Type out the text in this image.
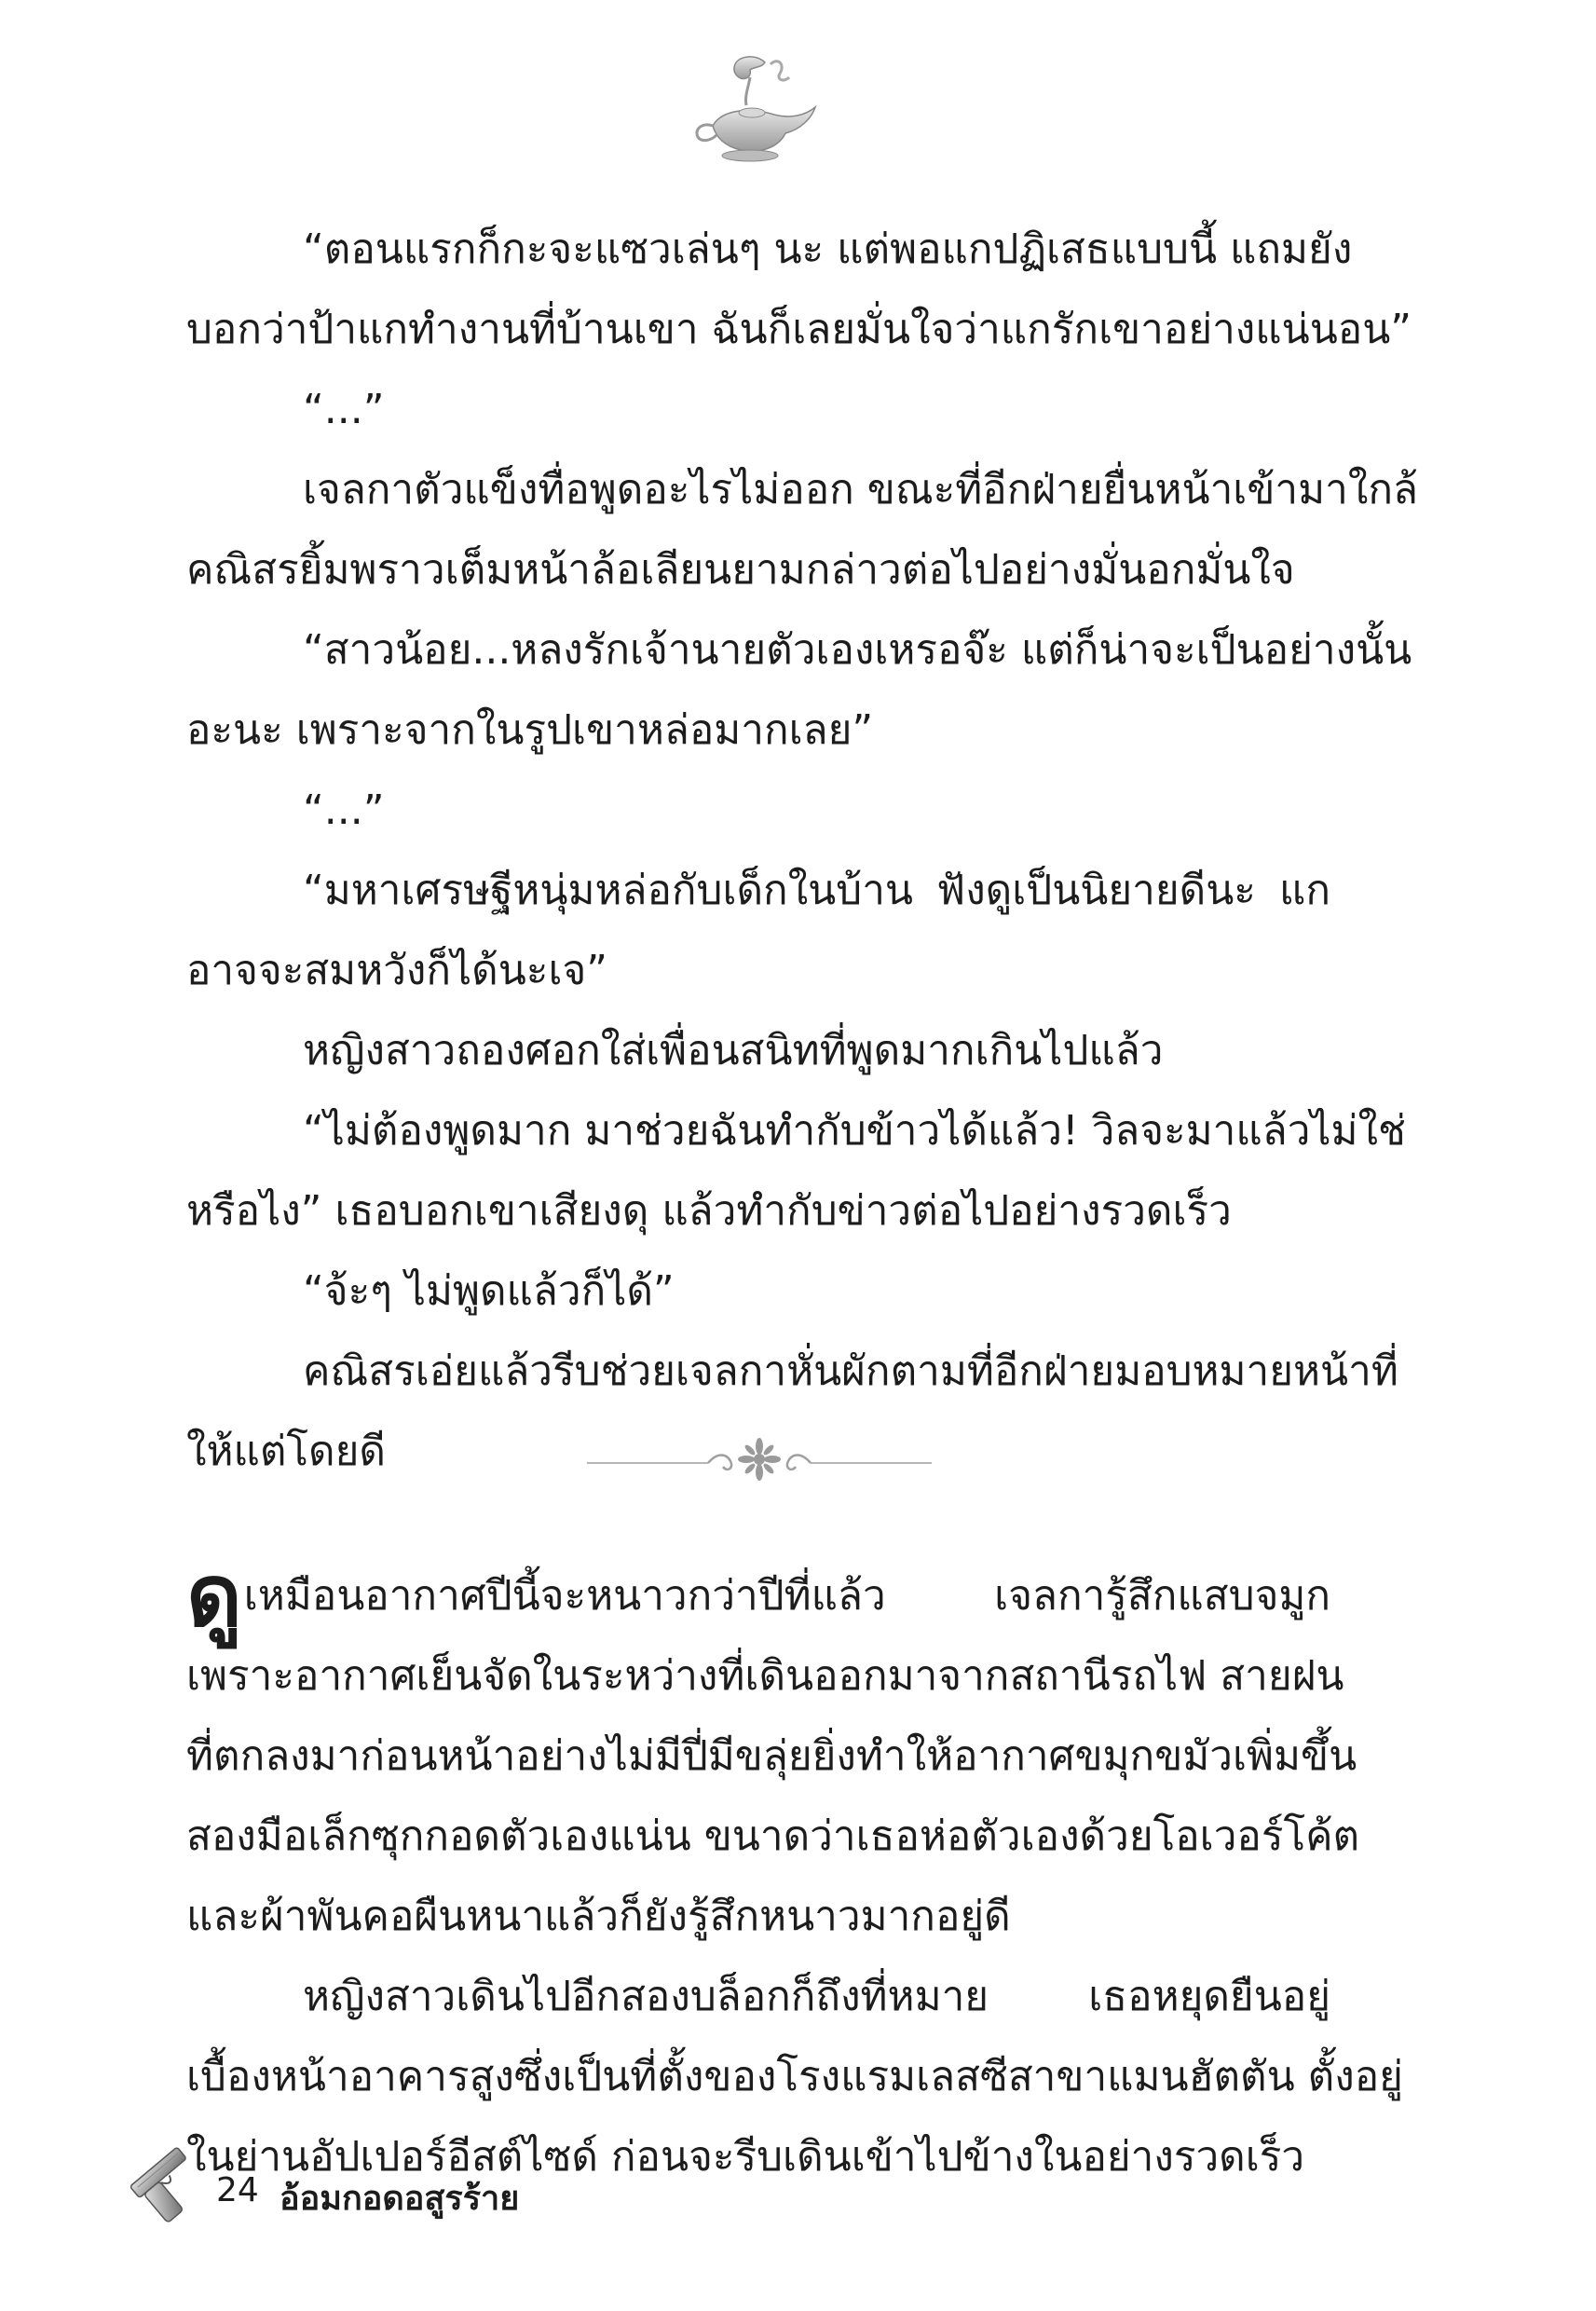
“ตอนแรกก็กะจะแซวเล่นๆ นะ แต่พอแกปฏิเสธแบบนี้ แถมยัง
บอกว่าป้าแกทำงานที่บ้านเขา ฉันก็เลยมั่นใจว่าแกรักเขาอย่างแน่นอน”
“...”
เจลกาตัวแข็งทื่อพูดอะไรไม่ออก ขณะที่อีกฝ่ายยื่นหน้าเข้ามาใกล้
คณิสรยิ้มพราวเต็มหน้าล้อเลียนยามกล่าวต่อไปอย่างมั่นอกมั่นใจ
“สาวน้อย...หลงรักเจ้านายตัวเองเหรอจ๊ะ แต่ก็น่าจะเป็นอย่างนั้น
อะนะ เพราะจากในรูปเขาหล่อมากเลย”
“...”
“มหาเศรษฐีหนุ่มหล่อกับเด็กในบ้าน ฟังดูเป็นนิยายดีนะ แก
อาจจะสมหวังก็ได้นะเจ”
หญิงสาวถองศอกใส่เพื่อนสนิทที่พูดมากเกินไปแล้ว
“ไม่ต้องพูดมาก มาช่วยฉันทำกับข้าวได้แล้ว! วิลจะมาแล้วไม่ใช่
หรือไง” เธอบอกเขาเสียงดุ แล้วทำกับข่าวต่อไปอย่างรวดเร็ว
“จ้ะๆ ไม่พูดแล้วก็ได้”
คณิสรเอ่ยแล้วรีบช่วยเจลกาหั่นผักตามที่อีกฝ่ายมอบหมายหน้าที่
ให้แต่โดยดี
ดูเหมือนอากาศปีนี้จะหนาวกว่าปีที่แล้ว เจลการู้สึกแสบจมูก
เพราะอากาศเย็นจัดในระหว่างที่เดินออกมาจากสถานีรถไฟ สายฝน
ที่ตกลงมาก่อนหน้าอย่างไม่มีปี่มีขลุ่ยยิ่งทำให้อากาศขมุกขมัวเพิ่มขึ้น
สองมือเล็กซุกกอดตัวเองแน่น ขนาดว่าเธอห่อตัวเองด้วยโอเวอร์โค้ต
และผ้าพันคอผืนหนาแล้วก็ยังรู้สึกหนาวมากอยู่ดี
หญิงสาวเดินไปอีกสองบล็อกก็ถึงที่หมาย เธอหยุดยืนอยู่
เบื้องหน้าอาคารสูงซึ่งเป็นที่ตั้งของโรงแรมเลสซีสาขาแมนฮัตตัน ตั้งอยู่
ในย่านอัปเปอร์อีสต์ไซด์ ก่อนจะรีบเดินเข้าไปข้างในอย่างรวดเร็ว
24 อ้อมกอดอสูรร้าย
